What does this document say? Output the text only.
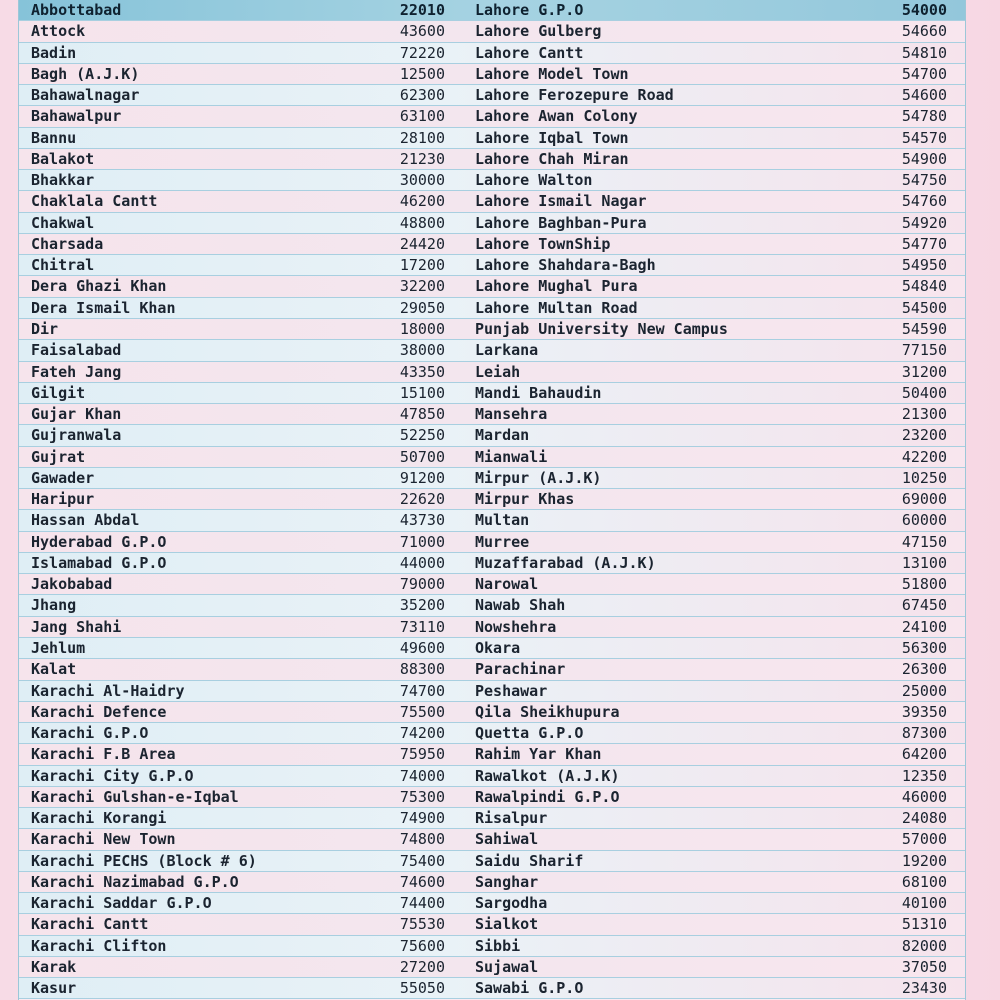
Abbottabad	22010 Lahore G.P.O	54000
Attock	43600 Lahore Gulberg	54660
Badin	72220 Lahore Cantt	54810
Bagh (A.J.K)	12500 Lahore Model Town	54700
Bahawalnagar	62300 Lahore Ferozepure Road	54600
Bahawalpur	63100 Lahore Awan Colony	54780
Bannu	28100 Lahore Iqbal Town	54570
Balakot	21230 Lahore Chah Miran	54900
Bhakkar	30000 Lahore Walton	54750
Chaklala Cantt	46200 Lahore Ismail Nagar	54760
Chakwal	48800 Lahore Baghban-Pura	54920
Charsada	24420 Lahore TownShip	54770
Chitral	17200 Lahore Shahdara-Bagh	54950
Dera Ghazi Khan	32200 Lahore Mughal Pura	54840
Dera Ismail Khan	29050 Lahore Multan Road	54500
Dir	18000 Punjab University New Campus	54590
Faisalabad	38000 Larkana	77150
Fateh Jang	43350 Leiah	31200
Gilgit	15100 Mandi Bahaudin	50400
Gujar Khan	47850 Mansehra	21300
Gujranwala	52250 Mardan	23200
Gujrat	50700 Mianwali	42200
Gawader	91200 Mirpur (A.J.K)	10250
Haripur	22620 Mirpur Khas	69000
Hassan Abdal	43730 Multan	60000
Hyderabad G.P.O	71000 Murree	47150
Islamabad G.P.O	44000 Muzaffarabad (A.J.K)	13100
Jakobabad	79000 Narowal	51800
Jhang	35200 Nawab Shah	67450
Jang Shahi	73110 Nowshehra	24100
Jehlum	49600 Okara	56300
Kalat	88300 Parachinar	26300
Karachi Al-Haidry	74700 Peshawar	25000
Karachi Defence	75500 Qila Sheikhupura	39350
Karachi G.P.O	74200 Quetta G.P.O	87300
Karachi F.B Area	75950 Rahim Yar Khan	64200
Karachi City G.P.O	74000 Rawalkot (A.J.K)	12350
Karachi Gulshan-e-Iqbal	75300 Rawalpindi G.P.O	46000
Karachi Korangi	74900 Risalpur	24080
Karachi New Town	74800 Sahiwal	57000
Karachi PECHS (Block # 6)	75400 Saidu Sharif	19200
Karachi Nazimabad G.P.O	74600 Sanghar	68100
Karachi Saddar G.P.O	74400 Sargodha	40100
Karachi Cantt	75530 Sialkot	51310
Karachi Clifton	75600 Sibbi	82000
Karak	27200 Sujawal	37050
Kasur	55050 Sawabi G.P.O	23430
